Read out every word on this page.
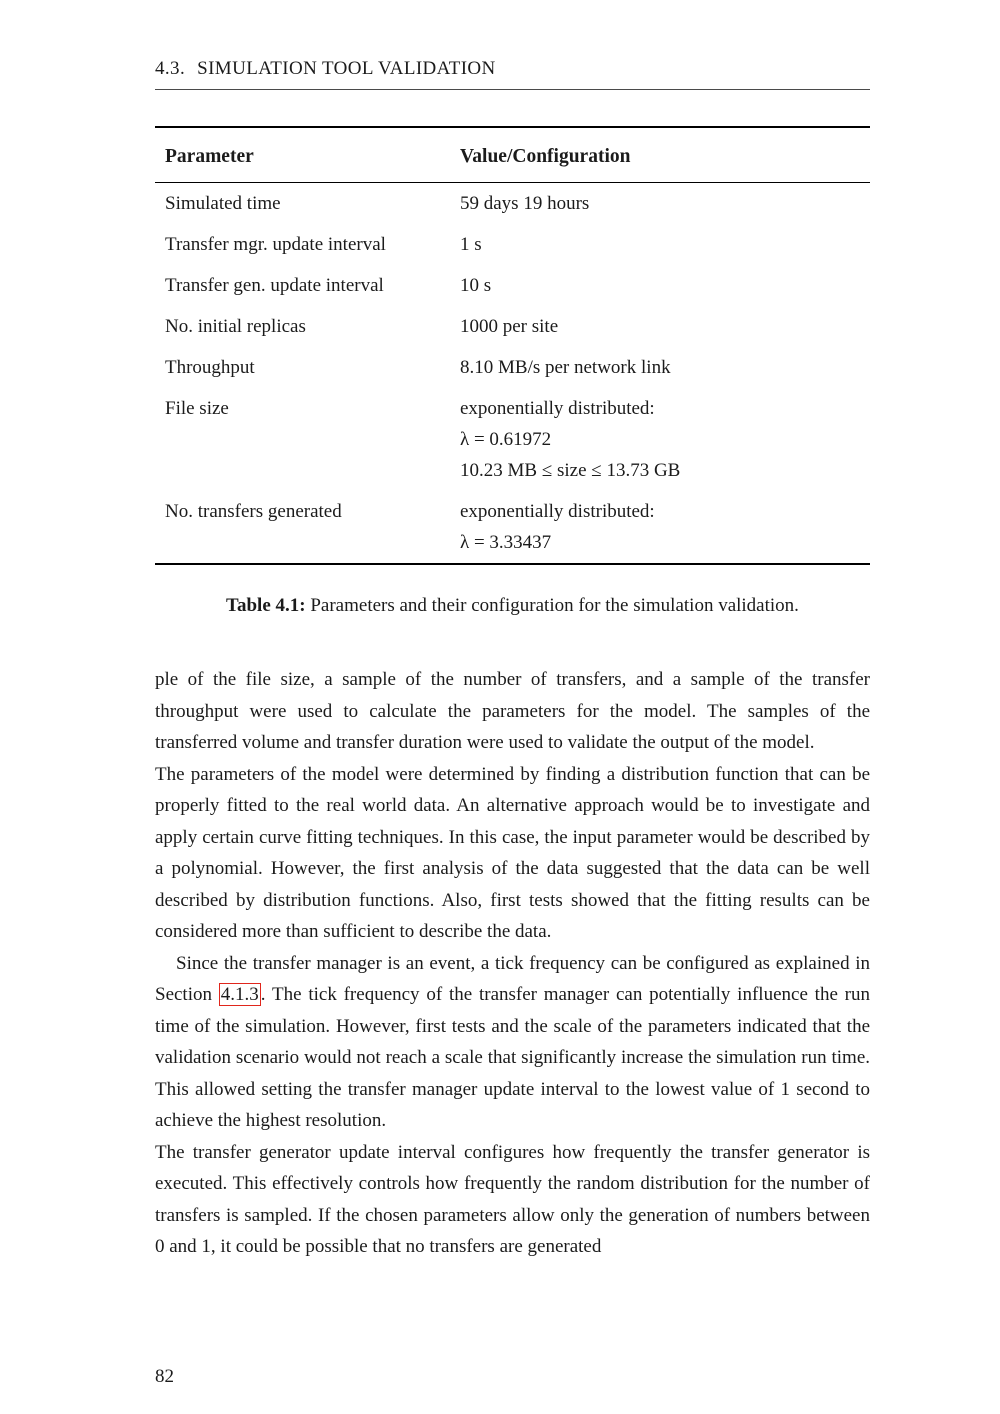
4.3. SIMULATION TOOL VALIDATION
Parameter	Value/Configuration
Simulated time	59 days 19 hours

Transfer mgr. update interval	1 s

Transfer gen. update interval	10 s

No. initial replicas	1000 per site

Throughput	8.10 MB/s per network link

File size	exponentially distributed:
λ = 0.61972
10.23 MB ≤ size ≤ 13.73 GB

No. transfers generated	exponentially distributed:
λ = 3.33437
Table 4.1: Parameters and their configuration for the simulation validation.

ple of the file size, a sample of the number of transfers, and a sample of the transfer throughput were used to calculate the parameters for the model. The samples of the transferred volume and transfer duration were used to validate the output of the model.

The parameters of the model were determined by finding a distribution function that can be properly fitted to the real world data. An alternative approach would be to investigate and apply certain curve fitting techniques. In this case, the input parameter would be described by a polynomial. However, the first analysis of the data suggested that the data can be well described by distribution functions. Also, first tests showed that the fitting results can be considered more than sufficient to describe the data.

Since the transfer manager is an event, a tick frequency can be configured as explained in Section 4.1.3 . The tick frequency of the transfer manager can potentially influence the run time of the simulation. However, first tests and the scale of the parameters indicated that the validation scenario would not reach a scale that significantly increase the simulation run time. This allowed setting the transfer manager update interval to the lowest value of 1 second to achieve the highest resolution.

The transfer generator update interval configures how frequently the transfer generator is executed. This effectively controls how frequently the random distribution for the number of transfers is sampled. If the chosen parameters allow only the generation of numbers between 0 and 1, it could be possible that no transfers are generated

82
